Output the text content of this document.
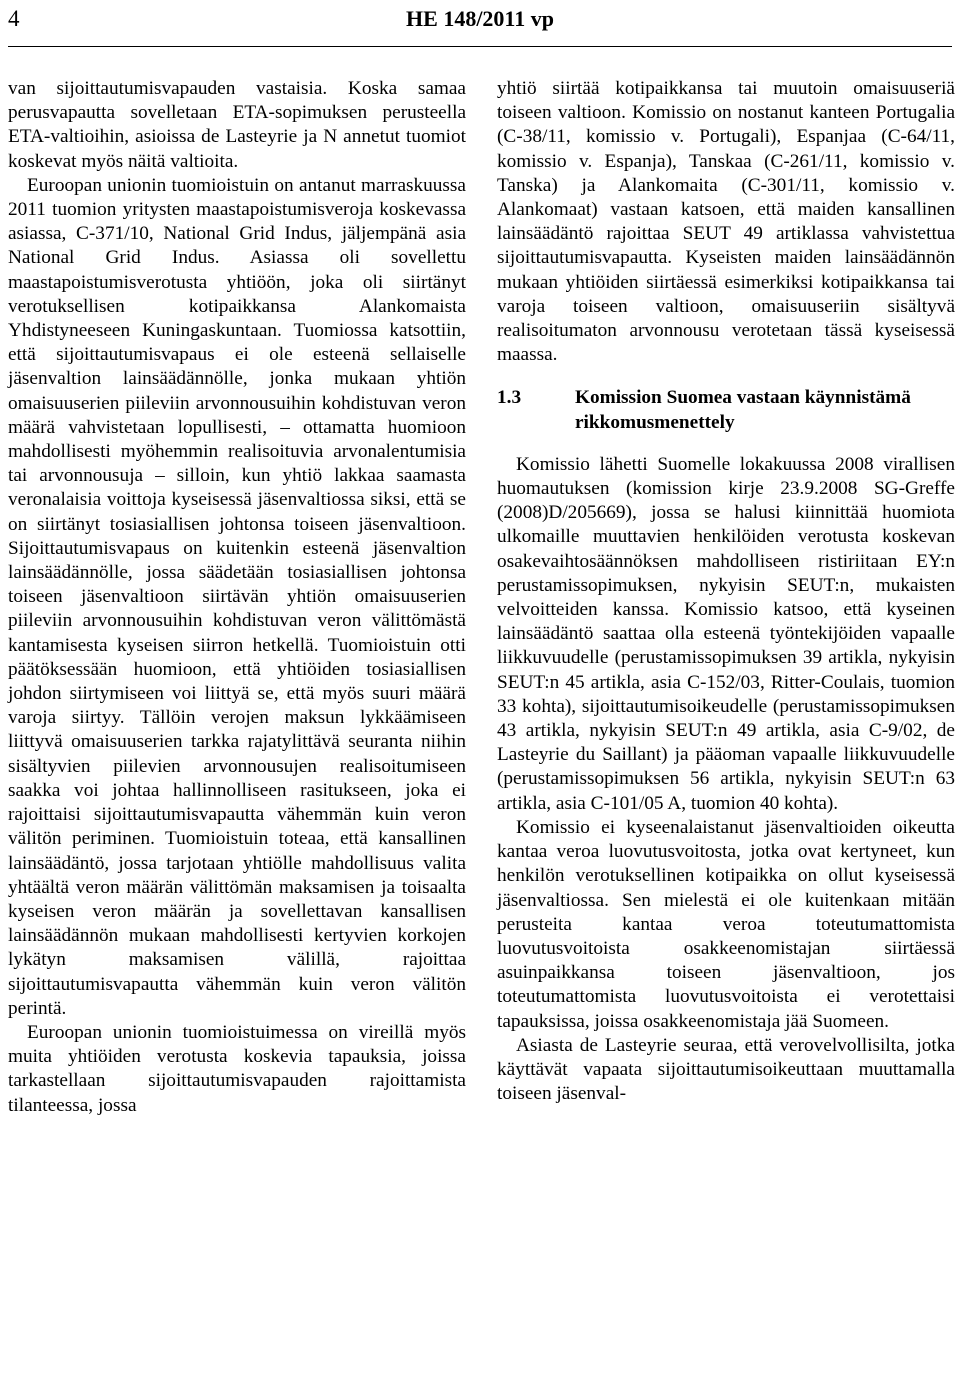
4	HE 148/2011 vp

van sijoittautumisvapauden vastaisia. Koska samaa perusvapautta sovelletaan ETA-sopimuksen perusteella ETA-valtioihin, asioissa de Lasteyrie ja N annetut tuomiot koskevat myös näitä valtioita.

Euroopan unionin tuomioistuin on antanut marraskuussa 2011 tuomion yritysten maastapoistumisveroja koskevassa asiassa, C-371/10, National Grid Indus, jäljempänä asia National Grid Indus. Asiassa oli sovellettu maastapoistumisverotusta yhtiöön, joka oli siirtänyt verotuksellisen kotipaikkansa Alankomaista Yhdistyneeseen Kuningaskuntaan. Tuomiossa katsottiin, että sijoittautumisvapaus ei ole esteenä sellaiselle jäsenvaltion lainsäädännölle, jonka mukaan yhtiön omaisuuserien piileviin arvonnousuihin kohdistuvan veron määrä vahvistetaan lopullisesti, – ottamatta huomioon mahdollisesti myöhemmin realisoituvia arvonalentumisia tai arvonnousuja – silloin, kun yhtiö lakkaa saamasta veronalaisia voittoja kyseisessä jäsenvaltiossa siksi, että se on siirtänyt tosiasiallisen johtonsa toiseen jäsenvaltioon. Sijoittautumisvapaus on kuitenkin esteenä jäsenvaltion lainsäädännölle, jossa säädetään tosiasiallisen johtonsa toiseen jäsenvaltioon siirtävän yhtiön omaisuuserien piileviin arvonnousuihin kohdistuvan veron välittömästä kantamisesta kyseisen siirron hetkellä. Tuomioistuin otti päätöksessään huomioon, että yhtiöiden tosiasiallisen johdon siirtymiseen voi liittyä se, että myös suuri määrä varoja siirtyy. Tällöin verojen maksun lykkäämiseen liittyvä omaisuuserien tarkka rajatylittävä seuranta niihin sisältyvien piilevien arvonnousujen realisoitumiseen saakka voi johtaa hallinnolliseen rasitukseen, joka ei rajoittaisi sijoittautumisvapautta vähemmän kuin veron välitön periminen. Tuomioistuin toteaa, että kansallinen lainsäädäntö, jossa tarjotaan yhtiölle mahdollisuus valita yhtäältä veron määrän välittömän maksamisen ja toisaalta kyseisen veron määrän ja sovellettavan kansallisen lainsäädännön mukaan mahdollisesti kertyvien korkojen lykätyn maksamisen välillä, rajoittaa sijoittautumisvapautta vähemmän kuin veron välitön perintä.

Euroopan unionin tuomioistuimessa on vireillä myös muita yhtiöiden verotusta koskevia tapauksia, joissa tarkastellaan sijoittautumisvapauden rajoittamista tilanteessa, jossa

yhtiö siirtää kotipaikkansa tai muutoin omaisuuseriä toiseen valtioon. Komissio on nostanut kanteen Portugalia (C-38/11, komissio v. Portugali), Espanjaa (C-64/11, komissio v. Espanja), Tanskaa (C-261/11, komissio v. Tanska) ja Alankomaita (C-301/11, komissio v. Alankomaat) vastaan katsoen, että maiden kansallinen lainsäädäntö rajoittaa SEUT 49 artiklassa vahvistettua sijoittautumisvapautta. Kyseisten maiden lainsäädännön mukaan yhtiöiden siirtäessä esimerkiksi kotipaikkansa tai varoja toiseen valtioon, omaisuuseriin sisältyvä realisoitumaton arvonnousu verotetaan tässä kyseisessä maassa.

1.3	Komission Suomea vastaan käynnistämä rikkomusmenettely

Komissio lähetti Suomelle lokakuussa 2008 virallisen huomautuksen (komission kirje 23.9.2008 SG-Greffe (2008)D/205669), jossa se halusi kiinnittää huomiota ulkomaille muuttavien henkilöiden verotusta koskevan osakevaihtosäännöksen mahdolliseen ristiriitaan EY:n perustamissopimuksen, nykyisin SEUT:n, mukaisten velvoitteiden kanssa. Komissio katsoo, että kyseinen lainsäädäntö saattaa olla esteenä työntekijöiden vapaalle liikkuvuudelle (perustamissopimuksen 39 artikla, nykyisin SEUT:n 45 artikla, asia C-152/03, Ritter-Coulais, tuomion 33 kohta), sijoittautumisoikeudelle (perustamissopimuksen 43 artikla, nykyisin SEUT:n 49 artikla, asia C-9/02, de Lasteyrie du Saillant) ja pääoman vapaalle liikkuvuudelle (perustamissopimuksen 56 artikla, nykyisin SEUT:n 63 artikla, asia C-101/05 A, tuomion 40 kohta).

Komissio ei kyseenalaistanut jäsenvaltioiden oikeutta kantaa veroa luovutusvoitosta, jotka ovat kertyneet, kun henkilön verotuksellinen kotipaikka on ollut kyseisessä jäsenvaltiossa. Sen mielestä ei ole kuitenkaan mitään perusteita kantaa veroa toteutumattomista luovutusvoitoista osakkeenomistajan siirtäessä asuinpaikkansa toiseen jäsenvaltioon, jos toteutumattomista luovutusvoitoista ei verotettaisi tapauksissa, joissa osakkeenomistaja jää Suomeen.

Asiasta de Lasteyrie seuraa, että verovelvollisilta, jotka käyttävät vapaata sijoittautumisoikeuttaan muuttamalla toiseen jäsenval-
